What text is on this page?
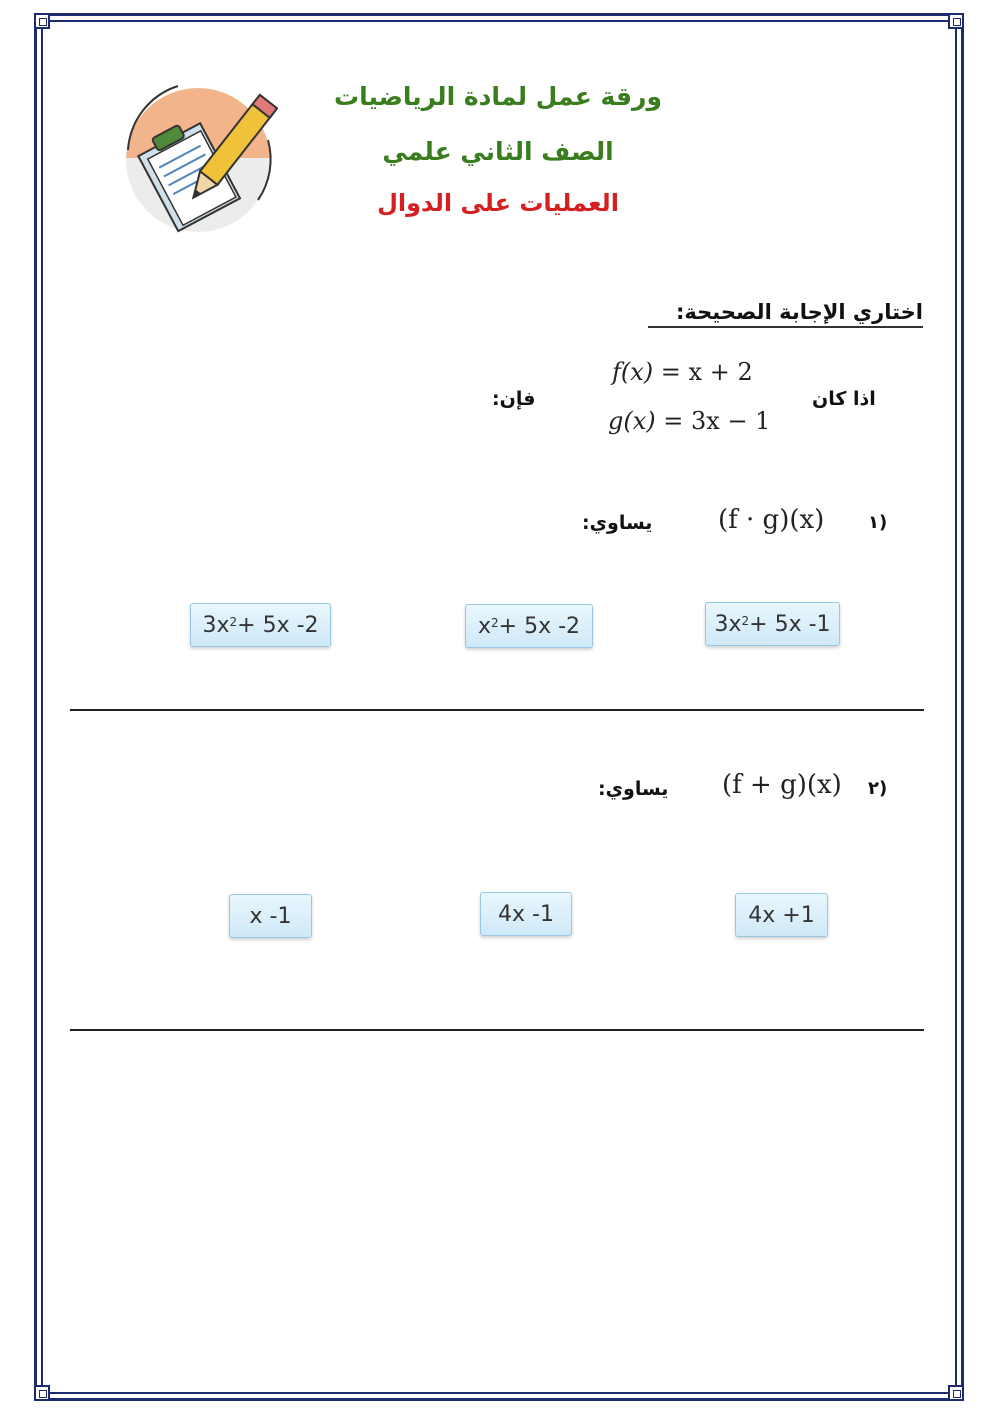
ورقة عمل لمادة الرياضيات
الصف الثاني علمي
العمليات على الدوال
اختاري الإجابة الصحيحة:
اذا كان
فإن:
f(x) = x + 2
g(x) = 3x − 1
١)
(f · g)(x)
يساوي:
$3x^2 + 5x$ -1
$x^2 + 5x$ -2
$3x^2 + 5x$ -2
٢)
(f + g)(x)
يساوي:
4x +1
4x -1
x -1
